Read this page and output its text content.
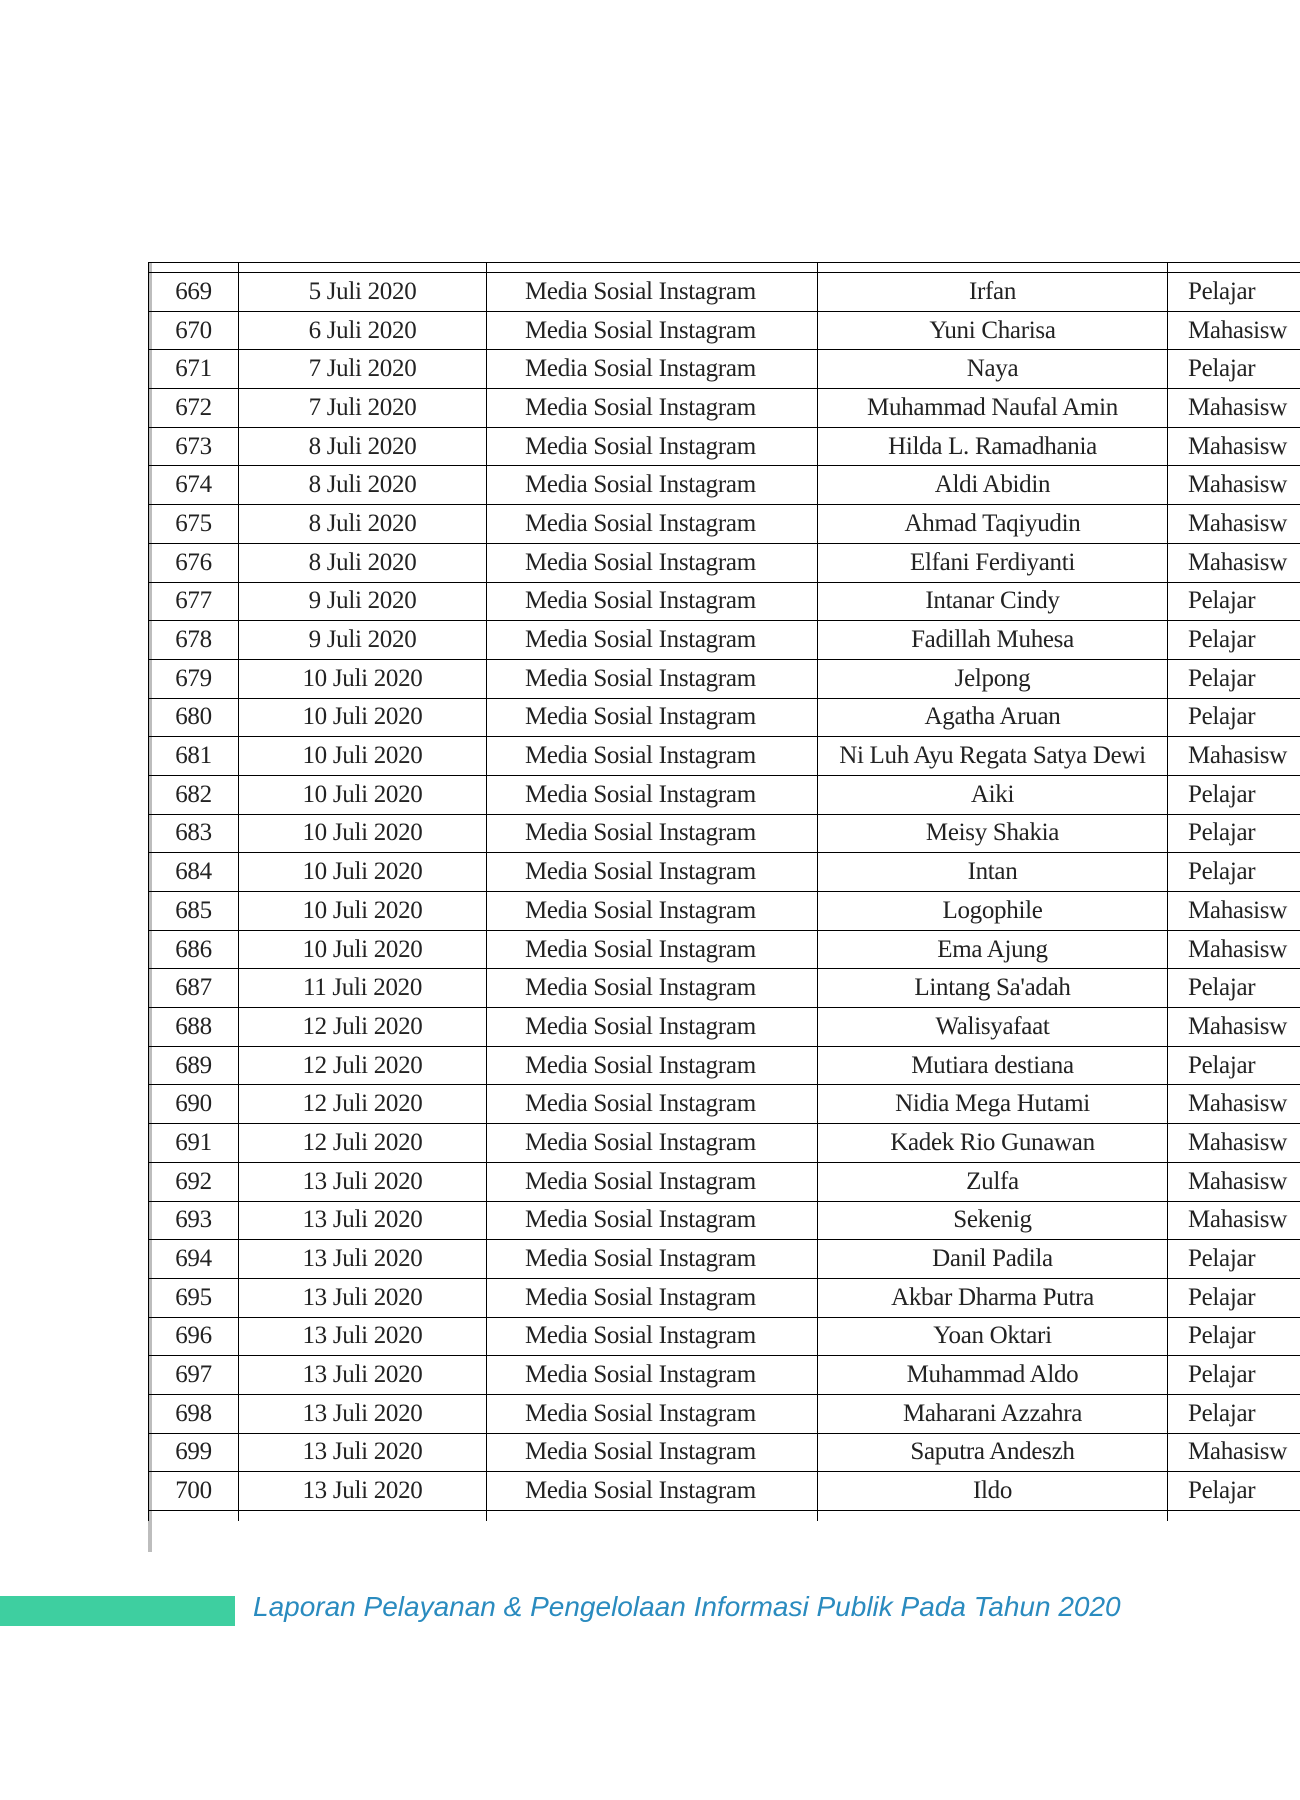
669	5 Juli 2020	Media Sosial Instagram	Irfan	Pelajar
670	6 Juli 2020	Media Sosial Instagram	Yuni Charisa	Mahasisw
671	7 Juli 2020	Media Sosial Instagram	Naya	Pelajar
672	7 Juli 2020	Media Sosial Instagram	Muhammad Naufal Amin	Mahasisw
673	8 Juli 2020	Media Sosial Instagram	Hilda L. Ramadhania	Mahasisw
674	8 Juli 2020	Media Sosial Instagram	Aldi Abidin	Mahasisw
675	8 Juli 2020	Media Sosial Instagram	Ahmad Taqiyudin	Mahasisw
676	8 Juli 2020	Media Sosial Instagram	Elfani Ferdiyanti	Mahasisw
677	9 Juli 2020	Media Sosial Instagram	Intanar Cindy	Pelajar
678	9 Juli 2020	Media Sosial Instagram	Fadillah Muhesa	Pelajar
679	10 Juli 2020	Media Sosial Instagram	Jelpong	Pelajar
680	10 Juli 2020	Media Sosial Instagram	Agatha Aruan	Pelajar
681	10 Juli 2020	Media Sosial Instagram	Ni Luh Ayu Regata Satya Dewi	Mahasisw
682	10 Juli 2020	Media Sosial Instagram	Aiki	Pelajar
683	10 Juli 2020	Media Sosial Instagram	Meisy Shakia	Pelajar
684	10 Juli 2020	Media Sosial Instagram	Intan	Pelajar
685	10 Juli 2020	Media Sosial Instagram	Logophile	Mahasisw
686	10 Juli 2020	Media Sosial Instagram	Ema Ajung	Mahasisw
687	11 Juli 2020	Media Sosial Instagram	Lintang Sa'adah	Pelajar
688	12 Juli 2020	Media Sosial Instagram	Walisyafaat	Mahasisw
689	12 Juli 2020	Media Sosial Instagram	Mutiara destiana	Pelajar
690	12 Juli 2020	Media Sosial Instagram	Nidia Mega Hutami	Mahasisw
691	12 Juli 2020	Media Sosial Instagram	Kadek Rio Gunawan	Mahasisw
692	13 Juli 2020	Media Sosial Instagram	Zulfa	Mahasisw
693	13 Juli 2020	Media Sosial Instagram	Sekenig	Mahasisw
694	13 Juli 2020	Media Sosial Instagram	Danil Padila	Pelajar
695	13 Juli 2020	Media Sosial Instagram	Akbar Dharma Putra	Pelajar
696	13 Juli 2020	Media Sosial Instagram	Yoan Oktari	Pelajar
697	13 Juli 2020	Media Sosial Instagram	Muhammad Aldo	Pelajar
698	13 Juli 2020	Media Sosial Instagram	Maharani Azzahra	Pelajar
699	13 Juli 2020	Media Sosial Instagram	Saputra Andeszh	Mahasisw
700	13 Juli 2020	Media Sosial Instagram	Ildo	Pelajar

Laporan Pelayanan & Pengelolaan Informasi Publik Pada Tahun 2020
